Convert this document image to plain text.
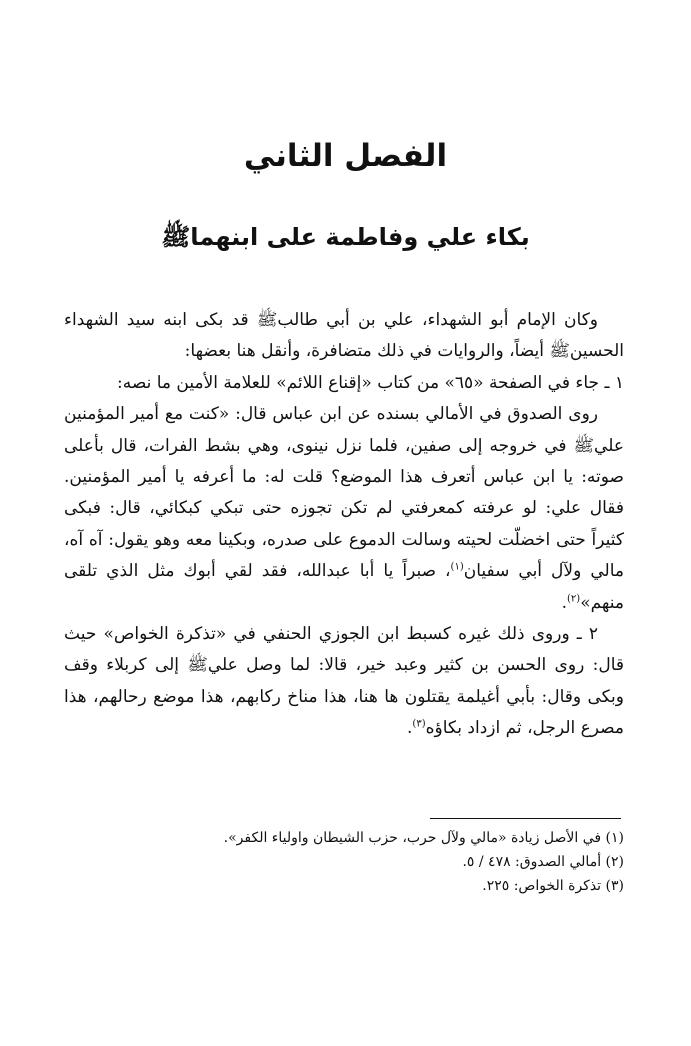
الفصل الثاني
بكاء علي وفاطمة على ابنهماﷺ

وكان الإمام أبو الشهداء، علي بن أبي طالبﷺ قد بكى ابنه سيد الشهداء الحسينﷺ أيضاً، والروايات في ذلك متضافرة، وأنقل هنا بعضها:

١ ـ جاء في الصفحة «٦٥» من كتاب «إقناع اللائم» للعلامة الأمين ما نصه:

روى الصدوق في الأمالي بسنده عن ابن عباس قال: «كنت مع أمير المؤمنين عليﷺ في خروجه إلى صفين، فلما نزل نينوى، وهي بشط الفرات، قال بأعلى صوته: يا ابن عباس أتعرف هذا الموضع؟ قلت له: ما أعرفه يا أمير المؤمنين. فقال علي: لو عرفته كمعرفتي لم تكن تجوزه حتى تبكي كبكائي، قال: فبكى كثيراً حتى اخضلّت لحيته وسالت الدموع على صدره، وبكينا معه وهو يقول: آه آه، مالي ولآل أبي سفيان$^{(١)}$، صبراً يا أبا عبدالله، فقد لقي أبوك مثل الذي تلقى منهم»$^{(٢)}$.

٢ ـ وروى ذلك غيره كسبط ابن الجوزي الحنفي في «تذكرة الخواص» حيث قال: روى الحسن بن كثير وعبد خير، قالا: لما وصل عليﷺ إلى كربلاء وقف وبكى وقال: بأبي أغيلمة يقتلون ها هنا، هذا مناخ ركابهم، هذا موضع رحالهم، هذا مصرع الرجل، ثم ازداد بكاؤه$^{(٣)}$.

(١) في الأصل زيادة «مالي ولآل حرب، حزب الشيطان واولياء الكفر».

(٢) أمالي الصدوق: ٤٧٨ / ٥.

(٣) تذكرة الخواص: ٢٢٥.
